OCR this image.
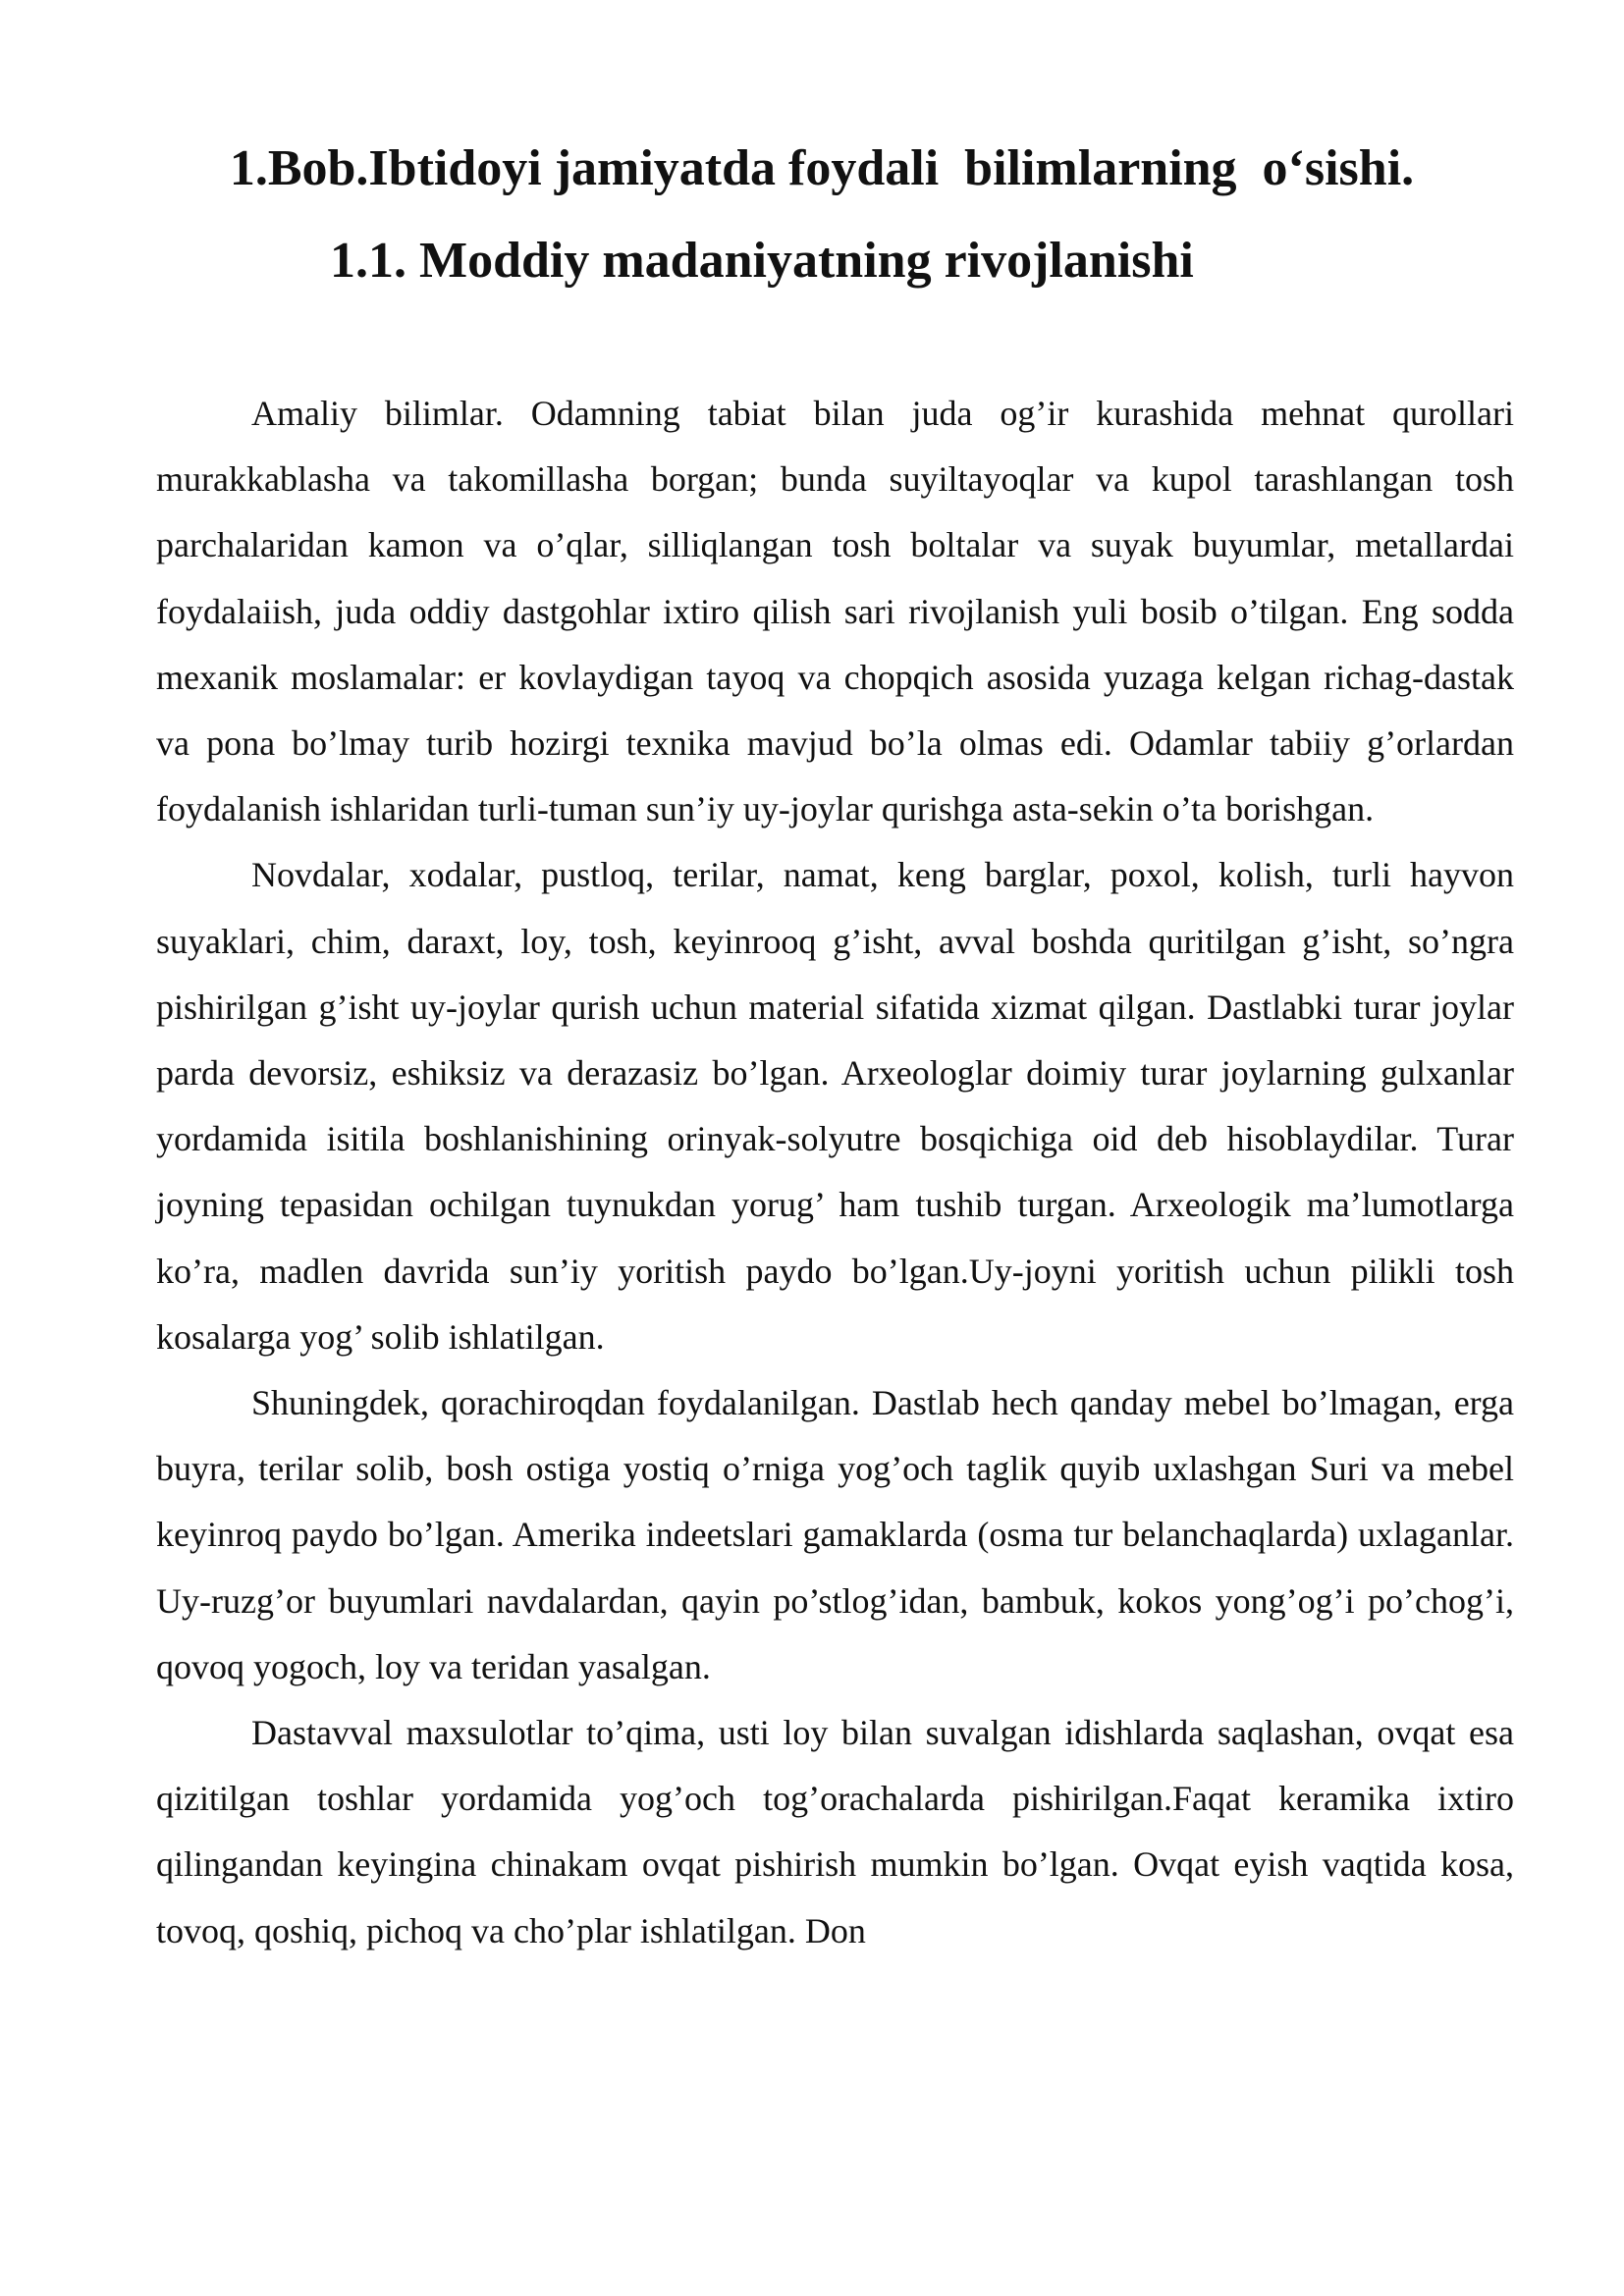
1.Bob.Ibtidoyi jamiyatda foydali  bilimlarning  o‘sishi.
1.1. Moddiy madaniyatning rivojlanishi

Amaliy bilimlar. Odamning tabiat bilan juda og’ir kurashida mehnat qurollari murakkablasha va takomillasha borgan; bunda suyiltayoqlar va kupol tarashlangan tosh parchalaridan kamon va o’qlar, silliqlangan tosh boltalar va suyak buyumlar, metallardai foydalaiish, juda oddiy dastgohlar ixtiro qilish sari rivojlanish yuli bosib o’tilgan. Eng sodda mexanik moslamalar: er kovlaydigan tayoq va chopqich asosida yuzaga kelgan richag-dastak va pona bo’lmay turib hozirgi texnika mavjud bo’la olmas edi. Odamlar tabiiy g’orlardan foydalanish ishlaridan turli-tuman sun’iy uy-joylar qurishga asta-sekin o’ta borishgan.

Novdalar, xodalar, pustloq, terilar, namat, keng barglar, poxol, kolish, turli hayvon suyaklari, chim, daraxt, loy, tosh, keyinrooq g’isht, avval boshda quritilgan g’isht, so’ngra pishirilgan g’isht uy-joylar qurish uchun material sifatida xizmat qilgan. Dastlabki turar joylar parda devorsiz, eshiksiz va derazasiz bo’lgan. Arxeologlar doimiy turar joylarning gulxanlar yordamida isitila boshlanishining orinyak-solyutre bosqichiga oid deb hisoblaydilar. Turar joyning tepasidan ochilgan tuynukdan yorug’ ham tushib turgan. Arxeologik ma’lumotlarga ko’ra, madlen davrida sun’iy yoritish paydo bo’lgan.Uy-joyni yoritish uchun pilikli tosh kosalarga yog’ solib ishlatilgan.

Shuningdek, qorachiroqdan foydalanilgan. Dastlab hech qanday mebel bo’lmagan, erga buyra, terilar solib, bosh ostiga yostiq o’rniga yog’och taglik quyib uxlashgan Suri va mebel keyinroq paydo bo’lgan. Amerika indeetslari gamaklarda (osma tur belanchaqlarda) uxlaganlar. Uy-ruzg’or buyumlari navdalardan, qayin po’stlog’idan, bambuk, kokos yong’og’i po’chog’i, qovoq yogoch, loy va teridan yasalgan.

Dastavval maxsulotlar to’qima, usti loy bilan suvalgan idishlarda saqlashan, ovqat esa qizitilgan toshlar yordamida yog’och tog’orachalarda pishirilgan.Faqat keramika ixtiro qilingandan keyingina chinakam ovqat pishirish mumkin bo’lgan. Ovqat eyish vaqtida kosa, tovoq, qoshiq, pichoq va cho’plar ishlatilgan. Don
